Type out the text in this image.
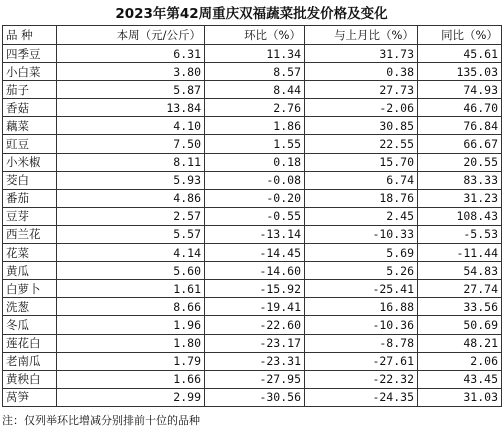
2023年第42周重庆双福蔬菜批发价格及变化
品 种	本周（元/公斤）	环比（%）	与上月比（%）	同比（%）
四季豆	6.31	11.34	31.73	45.61
小白菜	3.80	8.57	0.38	135.03
茄子	5.87	8.44	27.73	74.93
香菇	13.84	2.76	-2.06	46.70
藕菜	4.10	1.86	30.85	76.84
豇豆	7.50	1.55	22.55	66.67
小米椒	8.11	0.18	15.70	20.55
茭白	5.93	-0.08	6.74	83.33
番茄	4.86	-0.20	18.76	31.23
豆芽	2.57	-0.55	2.45	108.43
西兰花	5.57	-13.14	-10.33	-5.53
花菜	4.14	-14.45	5.69	-11.44
黄瓜	5.60	-14.60	5.26	54.83
白萝卜	1.61	-15.92	-25.41	27.74
洗葱	8.66	-19.41	16.88	33.56
冬瓜	1.96	-22.60	-10.36	50.69
莲花白	1.80	-23.17	-8.78	48.21
老南瓜	1.79	-23.31	-27.61	2.06
黄秧白	1.66	-27.95	-22.32	43.45
莴笋	2.99	-30.56	-24.35	31.03
注：仅列举环比增减分别排前十位的品种
